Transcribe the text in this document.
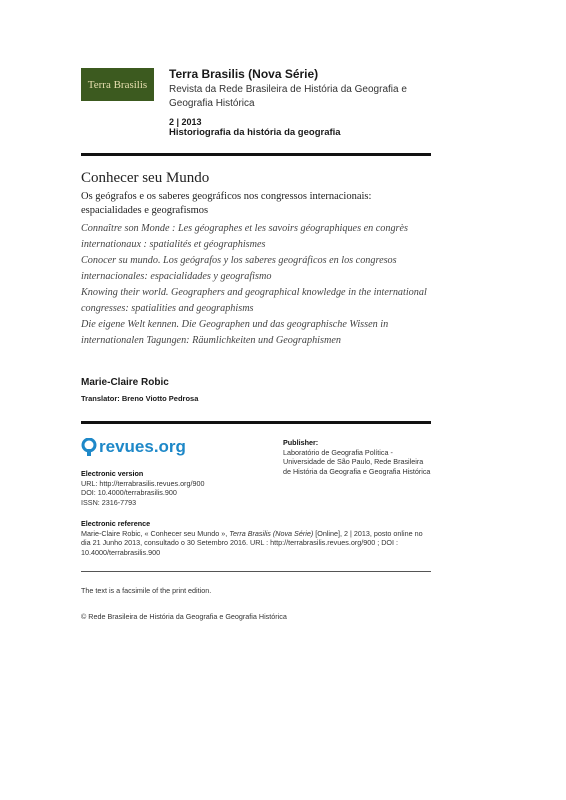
Terra Brasilis
Terra Brasilis (Nova Série)
Revista da Rede Brasileira de História da Geografia e Geografia Histórica
2 | 2013
Historiografia da história da geografia
Conhecer seu Mundo
Os geógrafos e os saberes geográficos nos congressos internacionais: espacialidades e geografismos
Connaître son Monde : Les géographes et les savoirs géographiques en congrès internationaux : spatialités et géographismes
Conocer su mundo. Los geógrafos y los saberes geográficos en los congresos internacionales: espacialidades y geografismo
Knowing their world. Geographers and geographical knowledge in the international congresses: spatialities and geographisms
Die eigene Welt kennen. Die Geographen und das geographische Wissen in internationalen Tagungen: Räumlichkeiten und Geographismen
Marie-Claire Robic
Translator: Breno Viotto Pedrosa
revues.org
Electronic version
URL: http://terrabrasilis.revues.org/900
DOI: 10.4000/terrabrasilis.900
ISSN: 2316-7793
Publisher:
Laboratório de Geografia Política - Universidade de São Paulo, Rede Brasileira de História da Geografia e Geografia Histórica
Electronic reference
Marie-Claire Robic, « Conhecer seu Mundo », Terra Brasilis (Nova Série) [Online], 2 | 2013, posto online no dia 21 Junho 2013, consultado o 30 Setembro 2016. URL : http://terrabrasilis.revues.org/900 ; DOI : 10.4000/terrabrasilis.900
The text is a facsimile of the print edition.
© Rede Brasileira de História da Geografia e Geografia Histórica
